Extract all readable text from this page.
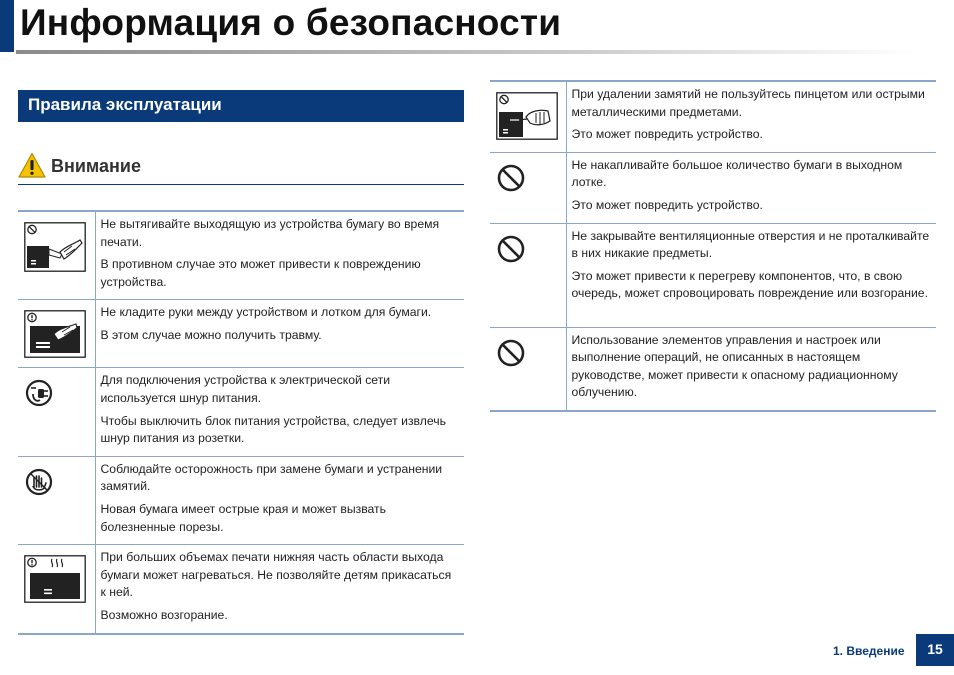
Информация о безопасности
Правила эксплуатации
Внимание

Не вытягивайте выходящую из устройства бумагу во время печати.

В противном случае это может привести к повреждению устройства.

Не кладите руки между устройством и лотком для бумаги.

В этом случае можно получить травму.

Для подключения устройства к электрической сети используется шнур питания.

Чтобы выключить блок питания устройства, следует извлечь шнур питания из розетки.

Соблюдайте осторожность при замене бумаги и устранении замятий.

Новая бумага имеет острые края и может вызвать болезненные порезы.

При больших объемах печати нижняя часть области выхода бумаги может нагреваться. Не позволяйте детям прикасаться к ней.

Возможно возгорание.

При удалении замятий не пользуйтесь пинцетом или острыми металлическими предметами.

Это может повредить устройство.

Не накапливайте большое количество бумаги в выходном лотке.

Это может повредить устройство.

Не закрывайте вентиляционные отверстия и не проталкивайте в них никакие предметы.

Это может привести к перегреву компонентов, что, в свою очередь, может спровоцировать повреждение или возгорание.

Использование элементов управления и настроек или выполнение операций, не описанных в настоящем руководстве, может привести к опасному радиационному облучению.

1. Введение	15
